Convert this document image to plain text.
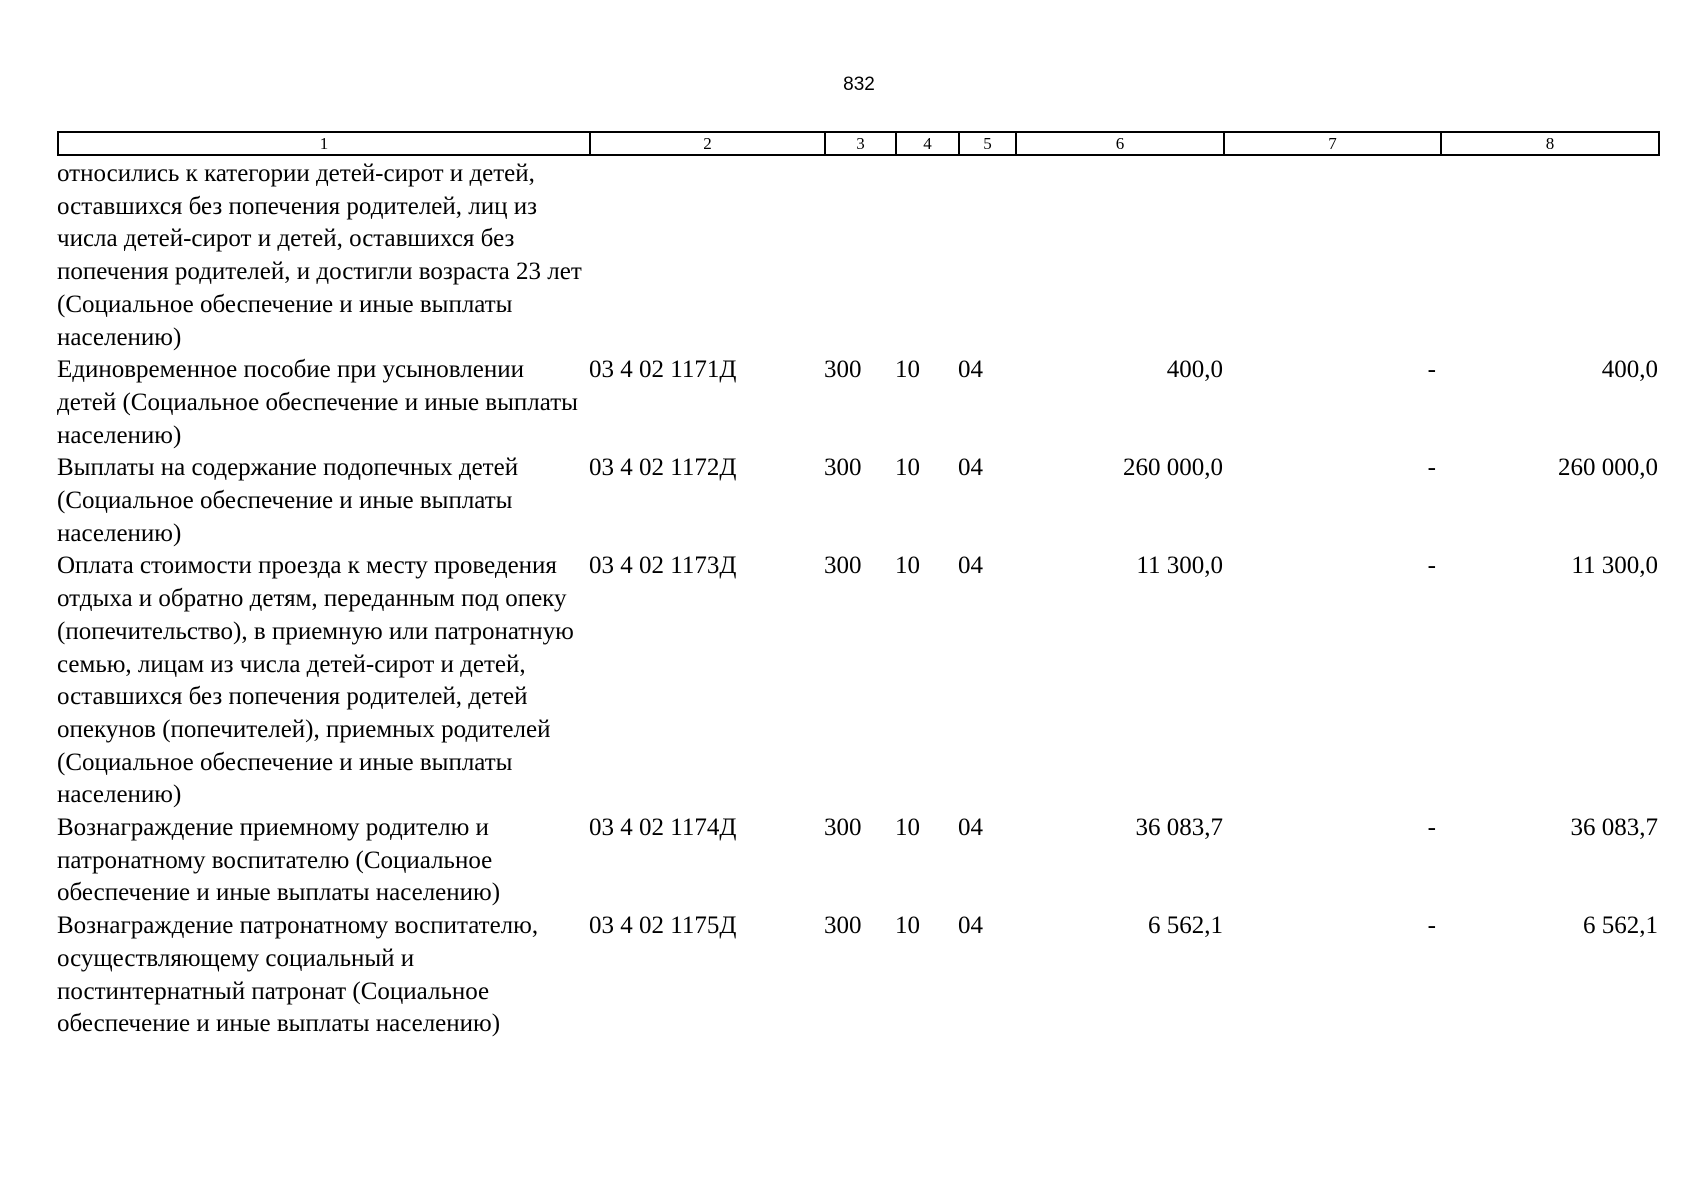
832
1	2	3	4	5	6	7	8
относились к категории детей-сирот и детей, оставшихся без попечения родителей, лиц из числа детей-сирот и детей, оставшихся без попечения родителей, и достигли возраста 23 лет (Социальное обеспечение и иные выплаты населению)							
Единовременное пособие при усыновлении детей (Социальное обеспечение и иные выплаты населению)	03 4 02 1171Д	300	10	04	400,0	-	400,0
Выплаты на содержание подопечных детей (Социальное обеспечение и иные выплаты населению)	03 4 02 1172Д	300	10	04	260 000,0	-	260 000,0
Оплата стоимости проезда к месту проведения отдыха и обратно детям, переданным под опеку (попечительство), в приемную или патронатную семью, лицам из числа детей-сирот и детей, оставшихся без попечения родителей, детей опекунов (попечителей), приемных родителей (Социальное обеспечение и иные выплаты населению)	03 4 02 1173Д	300	10	04	11 300,0	-	11 300,0
Вознаграждение приемному родителю и патронатному воспитателю (Социальное обеспечение и иные выплаты населению)	03 4 02 1174Д	300	10	04	36 083,7	-	36 083,7
Вознаграждение патронатному воспитателю, осуществляющему социальный и постинтернатный патронат (Социальное обеспечение и иные выплаты населению)	03 4 02 1175Д	300	10	04	6 562,1	-	6 562,1
